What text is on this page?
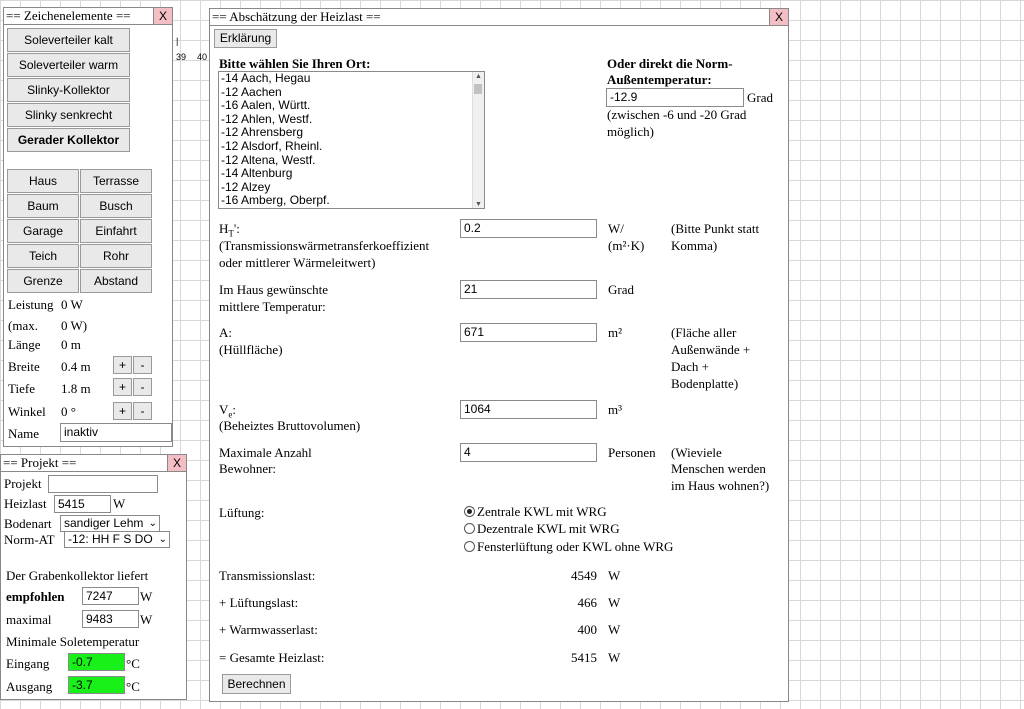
|
39 40
== Zeichenelemente ==	X
Soleverteiler kalt
Soleverteiler warm
Slinky-Kollektor
Slinky senkrecht
Gerader Kollektor
Haus	Terrasse
Baum	Busch
Garage	Einfahrt
Teich	Rohr
Grenze	Abstand
Leistung 0 W
(max. 0 W)
Länge 0 m
Breite 0.4 m	+	-
Tiefe 1.8 m	+	-
Winkel 0 °	+	-
Name	inaktiv
== Projekt ==	X
Projekt
Heizlast 5415	W
Bodenart	sandiger Lehm ⌄
Norm-AT	-12: HH F S DO ⌄
Der Grabenkollektor liefert
empfohlen	7247	W
maximal	9483	W
Minimale Soletemperatur
Eingang	-0.7	°C
Ausgang	-3.7	°C
== Abschätzung der Heizlast ==	X
Erklärung
Bitte wählen Sie Ihren Ort:
-14 Aach, Hegau
-12 Aachen
-16 Aalen, Württ.
-12 Ahlen, Westf.
-12 Ahrensberg
-12 Alsdorf, Rheinl.
-12 Altena, Westf.
-14 Altenburg
-12 Alzey
-16 Amberg, Oberpf.
▲
▼
Oder direkt die Norm-
Außentemperatur:
-12.9	Grad
(zwischen -6 und -20 Grad
möglich)
$H_T'$:
(Transmissionswärmetransferkoeffizient
oder mittlerer Wärmeleitwert)
0.2	W/
(m²·K)
(Bitte Punkt statt
Komma)
Im Haus gewünschte
mittlere Temperatur:
21	Grad
A:
(Hüllfläche)
671	m²	(Fläche aller
Außenwände +
Dach +
Bodenplatte)
$V_e$:
(Beheiztes Bruttovolumen)
1064	m³
Maximale Anzahl
Bewohner:
4	Personen (Wieviele
Menschen werden
im Haus wohnen?)
Lüftung:	Zentrale KWL mit WRG
Dezentrale KWL mit WRG
Fensterlüftung oder KWL ohne WRG
Transmissionslast:	4549 W
+ Lüftungslast:	466 W
+ Warmwasserlast:	400 W
= Gesamte Heizlast:	5415 W
Berechnen
